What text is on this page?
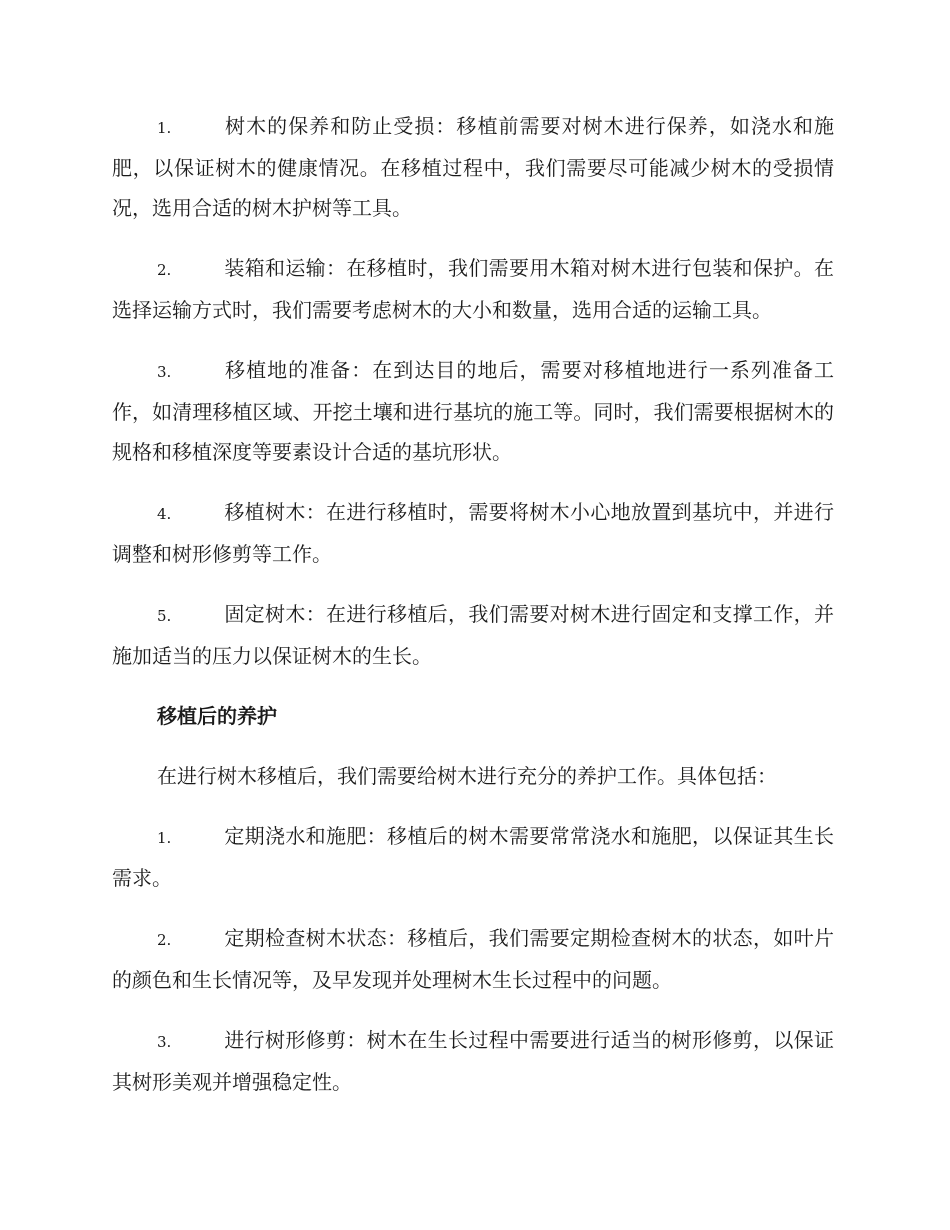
1.	树木的保养和防止受损：移植前需要对树木进行保养，如浇水和施肥，以保证树木的健康情况。在移植过程中，我们需要尽可能减少树木的受损情况，选用合适的树木护树等工具。
2.	装箱和运输：在移植时，我们需要用木箱对树木进行包装和保护。在选择运输方式时，我们需要考虑树木的大小和数量，选用合适的运输工具。
3.	移植地的准备：在到达目的地后，需要对移植地进行一系列准备工作，如清理移植区域、开挖土壤和进行基坑的施工等。同时，我们需要根据树木的规格和移植深度等要素设计合适的基坑形状。
4.	移植树木：在进行移植时，需要将树木小心地放置到基坑中，并进行调整和树形修剪等工作。
5.	固定树木：在进行移植后，我们需要对树木进行固定和支撑工作，并施加适当的压力以保证树木的生长。
移植后的养护
在进行树木移植后，我们需要给树木进行充分的养护工作。具体包括：
1.	定期浇水和施肥：移植后的树木需要常常浇水和施肥，以保证其生长需求。
2.	定期检查树木状态：移植后，我们需要定期检查树木的状态，如叶片的颜色和生长情况等，及早发现并处理树木生长过程中的问题。
3.	进行树形修剪：树木在生长过程中需要进行适当的树形修剪，以保证其树形美观并增强稳定性。
